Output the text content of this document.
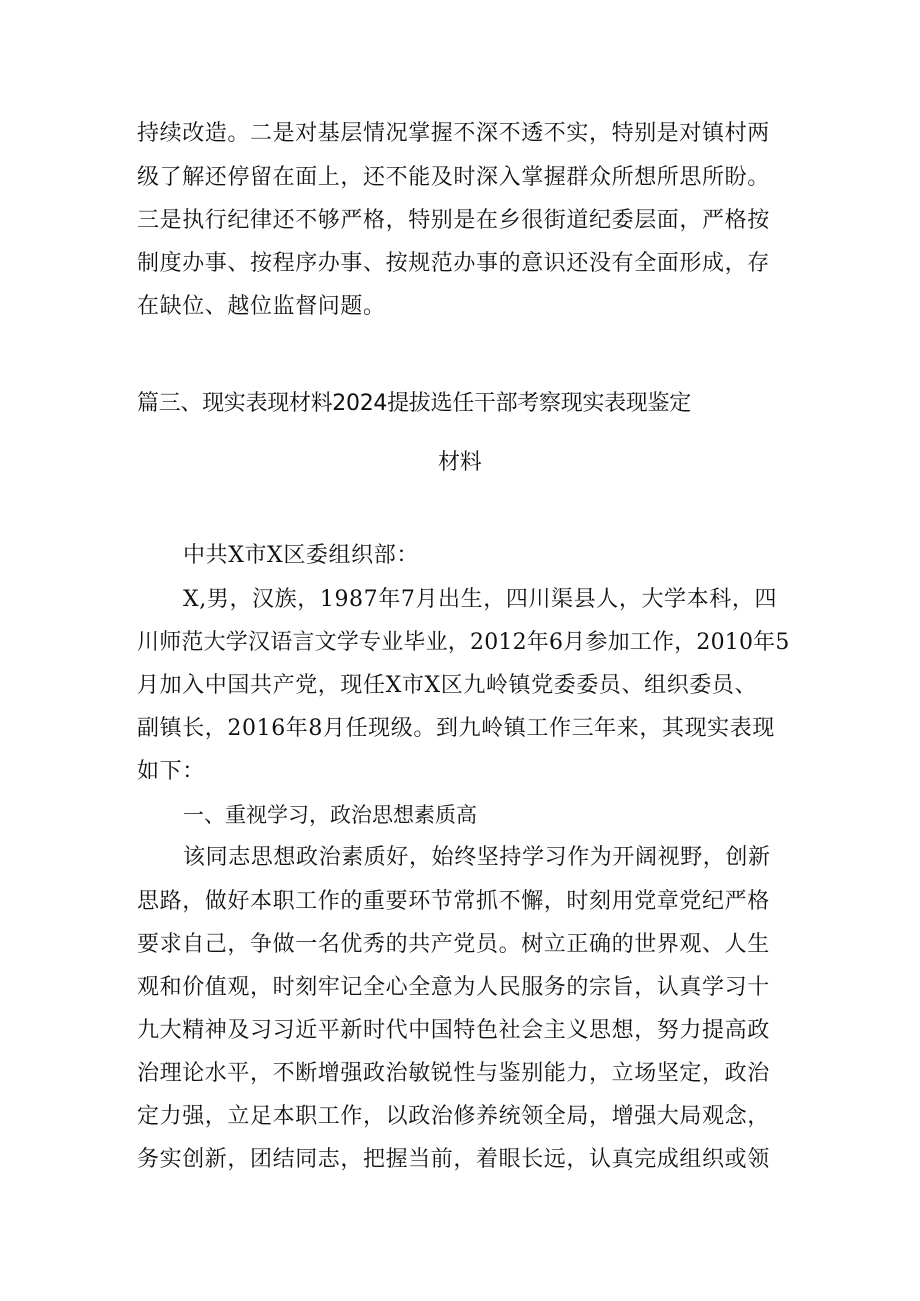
持续改造。二是对基层情况掌握不深不透不实，特别是对镇村两
级了解还停留在面上，还不能及时深入掌握群众所想所思所盼。
三是执行纪律还不够严格，特别是在乡很街道纪委层面，严格按
制度办事、按程序办事、按规范办事的意识还没有全面形成，存
在缺位、越位监督问题。
篇三、现实表现材料2024提拔选任干部考察现实表现鉴定
材料
中共X市X区委组织部：
X,男，汉族，1987年7月出生，四川渠县人，大学本科，四
川师范大学汉语言文学专业毕业，2012年6月参加工作，2010年5
月加入中国共产党，现任X市X区九岭镇党委委员、组织委员、
副镇长，2016年8月任现级。到九岭镇工作三年来，其现实表现
如下：
一、重视学习，政治思想素质高
该同志思想政治素质好，始终坚持学习作为开阔视野，创新
思路，做好本职工作的重要环节常抓不懈，时刻用党章党纪严格
要求自己，争做一名优秀的共产党员。树立正确的世界观、人生
观和价值观，时刻牢记全心全意为人民服务的宗旨，认真学习十
九大精神及习习近平新时代中国特色社会主义思想，努力提高政
治理论水平，不断增强政治敏锐性与鉴别能力，立场坚定，政治
定力强，立足本职工作，以政治修养统领全局，增强大局观念，
务实创新，团结同志，把握当前，着眼长远，认真完成组织或领
